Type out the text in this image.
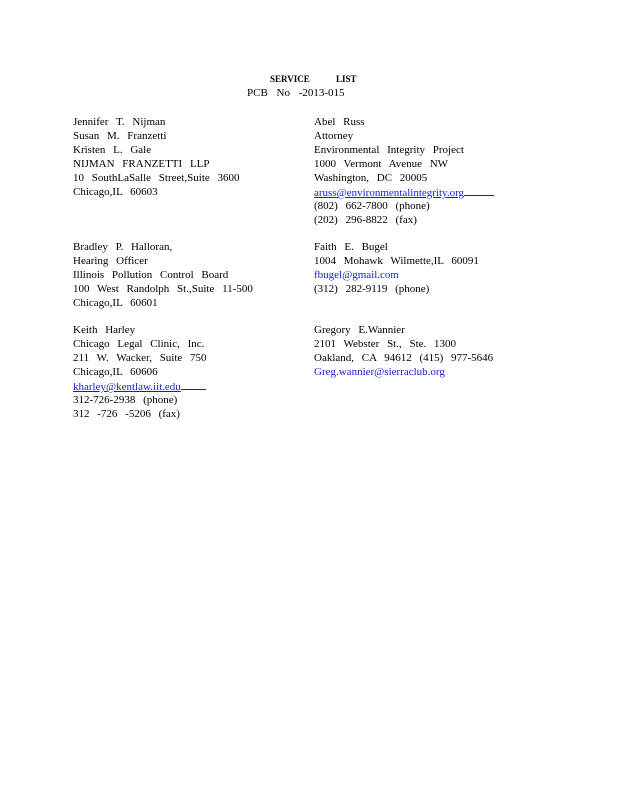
SERVICE LIST
PCB No -2013-015
Jennifer T. Nijman
Susan M. Franzetti
Kristen L. Gale
NIJMAN FRANZETTI LLP
10 SouthLaSalle Street,Suite 3600
Chicago,IL 60603
Abel Russ
Attorney
Environmental Integrity Project
1000 Vermont Avenue NW
Washington, DC 20005
aruss@environmentalintegrity.org
(802) 662-7800 (phone)
(202) 296-8822 (fax)
Bradley P. Halloran,
Hearing Officer
Illinois Pollution Control Board
100 West Randolph St.,Suite 11-500
Chicago,IL 60601
Faith E. Bugel
1004 Mohawk Wilmette,IL 60091
fbugel@gmail.com
(312) 282-9119 (phone)
Keith Harley
Chicago Legal Clinic, Inc.
211 W. Wacker, Suite 750
Chicago,IL 60606
kharley@kentlaw.iit.edu
312-726-2938 (phone)
312 -726 -5206 (fax)
Gregory E.Wannier
2101 Webster St., Ste. 1300
Oakland, CA 94612 (415) 977-5646
Greg.wannier@sierraclub.org
